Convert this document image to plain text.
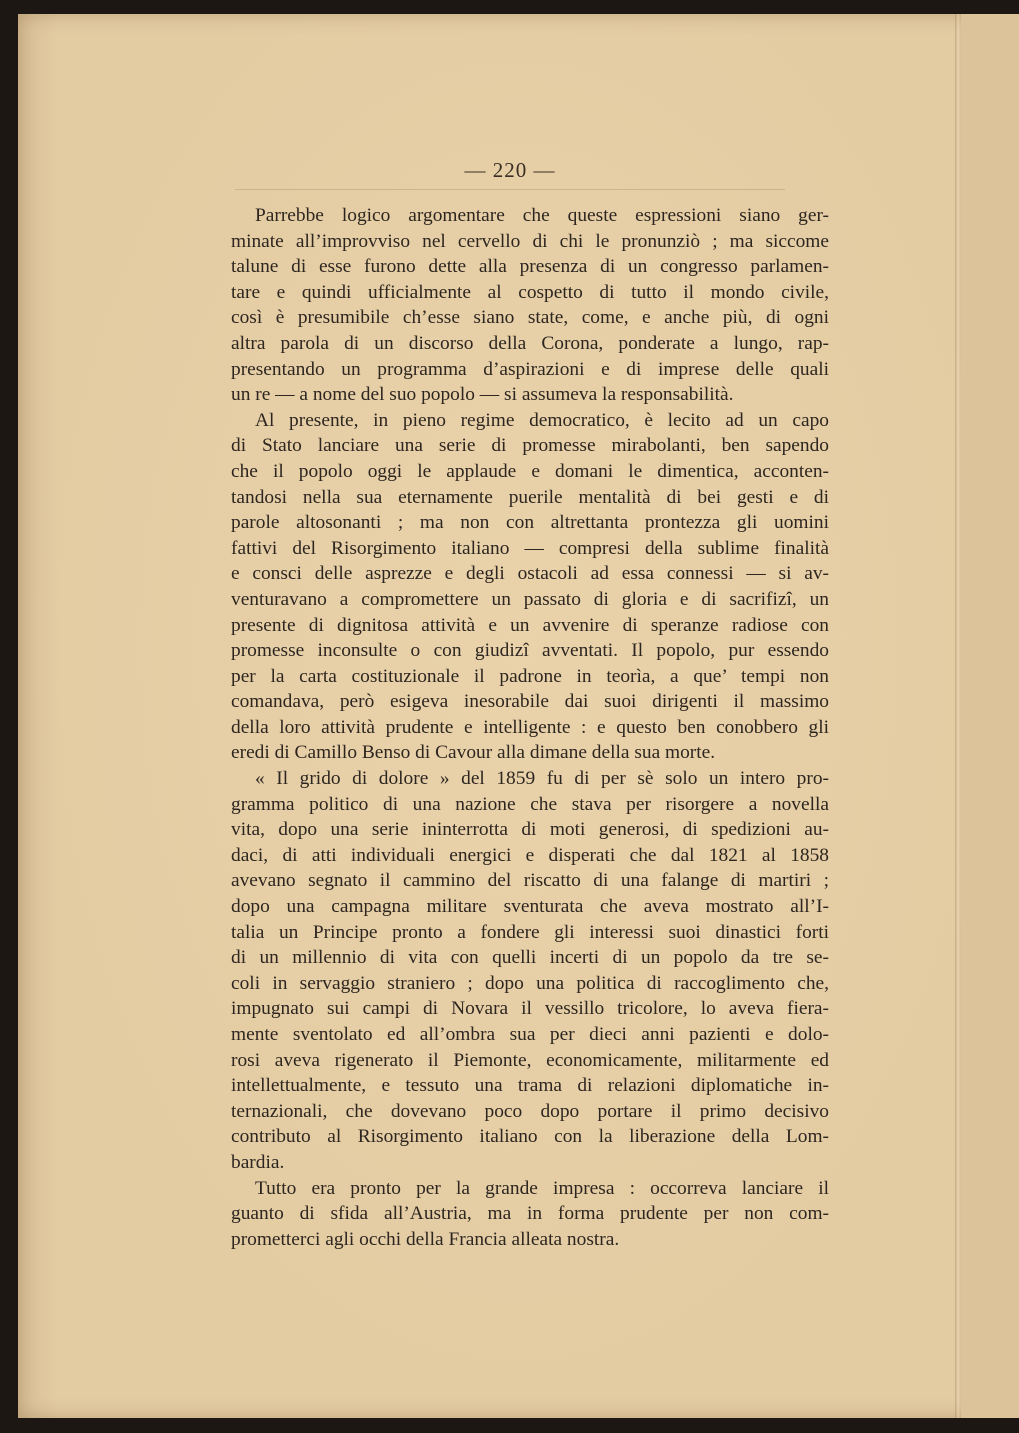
— 220 —
Parrebbe logico argomentare che queste espressioni siano ger-
minate all’improvviso nel cervello di chi le pronunziò ; ma siccome
talune di esse furono dette alla presenza di un congresso parlamen-
tare e quindi ufficialmente al cospetto di tutto il mondo civile,
così è presumibile ch’esse siano state, come, e anche più, di ogni
altra parola di un discorso della Corona, ponderate a lungo, rap-
presentando un programma d’aspirazioni e di imprese delle quali
un re — a nome del suo popolo — si assumeva la responsabilità.
Al presente, in pieno regime democratico, è lecito ad un capo
di Stato lanciare una serie di promesse mirabolanti, ben sapendo
che il popolo oggi le applaude e domani le dimentica, acconten-
tandosi nella sua eternamente puerile mentalità di bei gesti e di
parole altosonanti ; ma non con altrettanta prontezza gli uomini
fattivi del Risorgimento italiano — compresi della sublime finalità
e consci delle asprezze e degli ostacoli ad essa connessi — si av-
venturavano a compromettere un passato di gloria e di sacrifizî, un
presente di dignitosa attività e un avvenire di speranze radiose con
promesse inconsulte o con giudizî avventati. Il popolo, pur essendo
per la carta costituzionale il padrone in teorìa, a que’ tempi non
comandava, però esigeva inesorabile dai suoi dirigenti il massimo
della loro attività prudente e intelligente : e questo ben conobbero gli
eredi di Camillo Benso di Cavour alla dimane della sua morte.
« Il grido di dolore » del 1859 fu di per sè solo un intero pro-
gramma politico di una nazione che stava per risorgere a novella
vita, dopo una serie ininterrotta di moti generosi, di spedizioni au-
daci, di atti individuali energici e disperati che dal 1821 al 1858
avevano segnato il cammino del riscatto di una falange di martiri ;
dopo una campagna militare sventurata che aveva mostrato all’I-
talia un Principe pronto a fondere gli interessi suoi dinastici forti
di un millennio di vita con quelli incerti di un popolo da tre se-
coli in servaggio straniero ; dopo una politica di raccoglimento che,
impugnato sui campi di Novara il vessillo tricolore, lo aveva fiera-
mente sventolato ed all’ombra sua per dieci anni pazienti e dolo-
rosi aveva rigenerato il Piemonte, economicamente, militarmente ed
intellettualmente, e tessuto una trama di relazioni diplomatiche in-
ternazionali, che dovevano poco dopo portare il primo decisivo
contributo al Risorgimento italiano con la liberazione della Lom-
bardia.
Tutto era pronto per la grande impresa : occorreva lanciare il
guanto di sfida all’Austria, ma in forma prudente per non com-
prometterci agli occhi della Francia alleata nostra.
